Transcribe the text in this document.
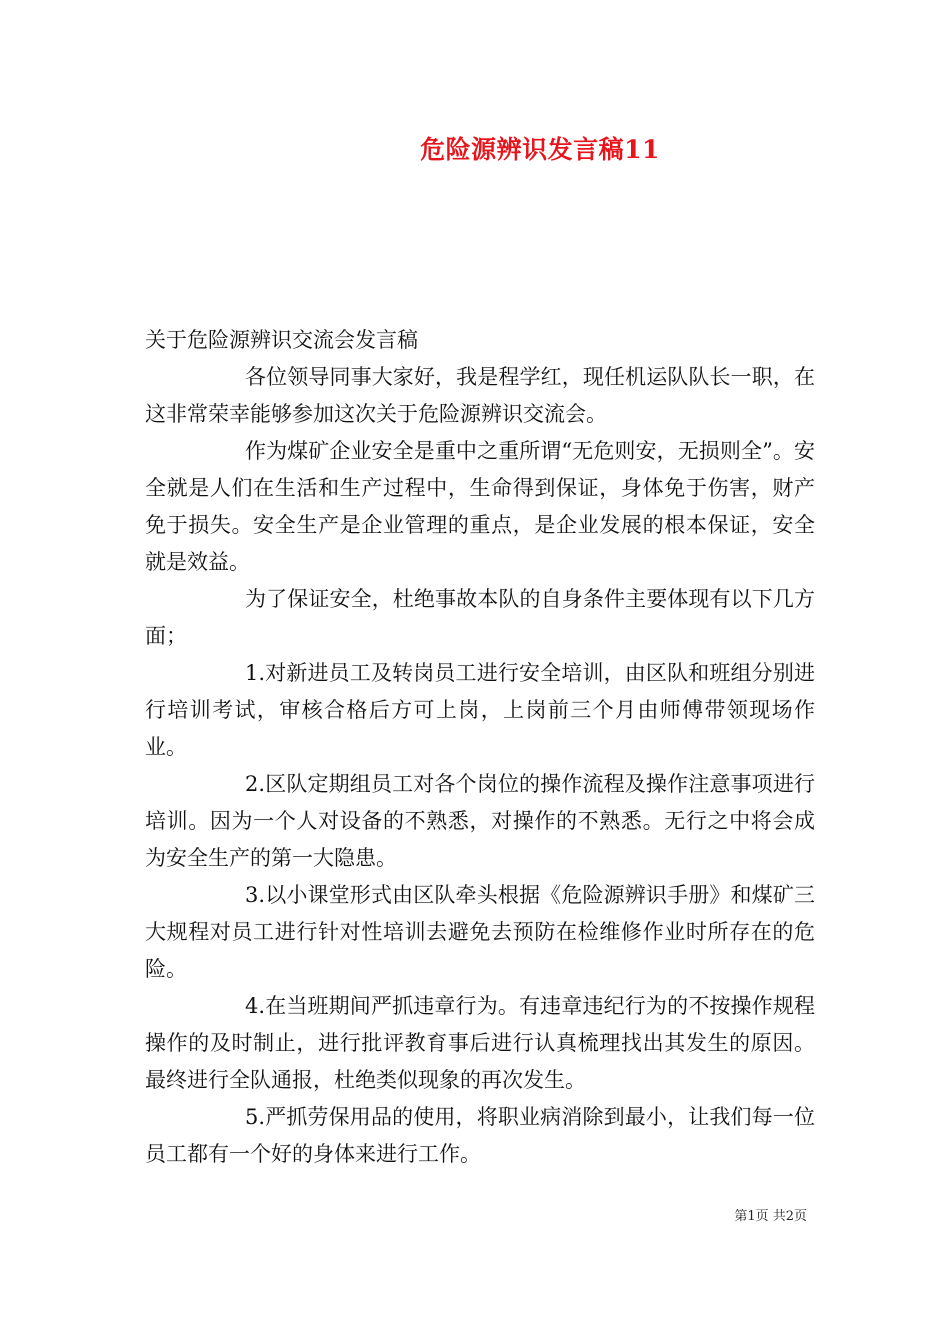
危险源辨识发言稿11

关于危险源辨识交流会发言稿

各位领导同事大家好，我是程学红，现任机运队队长一职，在这非常荣幸能够参加这次关于危险源辨识交流会。

作为煤矿企业安全是重中之重所谓“无危则安，无损则全”。安全就是人们在生活和生产过程中，生命得到保证，身体免于伤害，财产免于损失。安全生产是企业管理的重点，是企业发展的根本保证，安全就是效益。

为了保证安全，杜绝事故本队的自身条件主要体现有以下几方面；

1.对新进员工及转岗员工进行安全培训，由区队和班组分别进行培训考试，审核合格后方可上岗，上岗前三个月由师傅带领现场作业。

2.区队定期组员工对各个岗位的操作流程及操作注意事项进行培训。因为一个人对设备的不熟悉，对操作的不熟悉。无行之中将会成为安全生产的第一大隐患。

3.以小课堂形式由区队牵头根据《危险源辨识手册》和煤矿三大规程对员工进行针对性培训去避免去预防在检维修作业时所存在的危险。

4.在当班期间严抓违章行为。有违章违纪行为的不按操作规程操作的及时制止，进行批评教育事后进行认真梳理找出其发生的原因。最终进行全队通报，杜绝类似现象的再次发生。

5.严抓劳保用品的使用，将职业病消除到最小，让我们每一位员工都有一个好的身体来进行工作。

第1页 共2页
